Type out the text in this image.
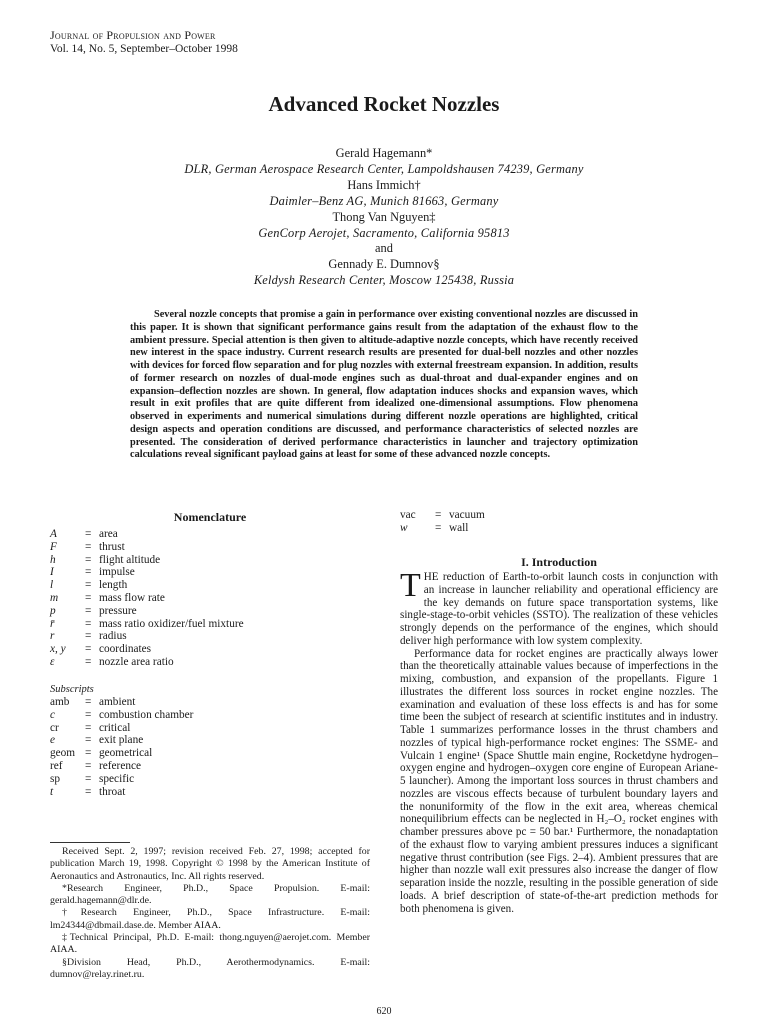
Journal of Propulsion and Power
Vol. 14, No. 5, September–October 1998
Advanced Rocket Nozzles
Gerald Hagemann*
DLR, German Aerospace Research Center, Lampoldshausen 74239, Germany
Hans Immich†
Daimler–Benz AG, Munich 81663, Germany
Thong Van Nguyen‡
GenCorp Aerojet, Sacramento, California 95813
and
Gennady E. Dumnov§
Keldysh Research Center, Moscow 125438, Russia
Several nozzle concepts that promise a gain in performance over existing conventional nozzles are discussed in this paper. It is shown that significant performance gains result from the adaptation of the exhaust flow to the ambient pressure. Special attention is then given to altitude-adaptive nozzle concepts, which have recently received new interest in the space industry. Current research results are presented for dual-bell nozzles and other nozzles with devices for forced flow separation and for plug nozzles with external freestream expansion. In addition, results of former research on nozzles of dual-mode engines such as dual-throat and dual-expander engines and on expansion–deflection nozzles are shown. In general, flow adaptation induces shocks and expansion waves, which result in exit profiles that are quite different from idealized one-dimensional assumptions. Flow phenomena observed in experiments and numerical simulations during different nozzle operations are highlighted, critical design aspects and operation conditions are discussed, and performance characteristics of selected nozzles are presented. The consideration of derived performance characteristics in launcher and trajectory optimization calculations reveal significant payload gains at least for some of these advanced nozzle concepts.
Nomenclature
A	= area
F	= thrust
h	= flight altitude
I	= impulse
l	= length
m	= mass flow rate
p	= pressure
r̄	= mass ratio oxidizer/fuel mixture
r	= radius
x, y	= coordinates
ε	= nozzle area ratio
Subscripts
amb	= ambient
c	= combustion chamber
cr	= critical
e	= exit plane
geom = geometrical
ref	= reference
sp	= specific
t	= throat
vac	= vacuum
w	= wall
I. Introduction

THE reduction of Earth-to-orbit launch costs in conjunction with an increase in launcher reliability and operational efficiency are the key demands on future space transportation systems, like single-stage-to-orbit vehicles (SSTO). The realization of these vehicles strongly depends on the performance of the engines, which should deliver high performance with low system complexity.

Performance data for rocket engines are practically always lower than the theoretically attainable values because of imperfections in the mixing, combustion, and expansion of the propellants. Figure 1 illustrates the different loss sources in rocket engine nozzles. The examination and evaluation of these loss effects is and has for some time been the subject of research at scientific institutes and in industry. Table 1 summarizes performance losses in the thrust chambers and nozzles of typical high-performance rocket engines: The SSME- and Vulcain 1 engine¹ (Space Shuttle main engine, Rocketdyne hydrogen–oxygen engine and hydrogen–oxygen core engine of European Ariane-5 launcher). Among the important loss sources in thrust chambers and nozzles are viscous effects because of turbulent boundary layers and the nonuniformity of the flow in the exit area, whereas chemical nonequilibrium effects can be neglected in H₂–O₂ rocket engines with chamber pressures above pc = 50 bar.¹ Furthermore, the nonadaptation of the exhaust flow to varying ambient pressures induces a significant negative thrust contribution (see Figs. 2–4). Ambient pressures that are higher than nozzle wall exit pressures also increase the danger of flow separation inside the nozzle, resulting in the possible generation of side loads. A brief description of state-of-the-art prediction methods for both phenomena is given.

Received Sept. 2, 1997; revision received Feb. 27, 1998; accepted for publication March 19, 1998. Copyright © 1998 by the American Institute of Aeronautics and Astronautics, Inc. All rights reserved.

*Research Engineer, Ph.D., Space Propulsion. E-mail: gerald.hagemann@dlr.de.

†Research Engineer, Ph.D., Space Infrastructure. E-mail: lm24344@dbmail.dase.de. Member AIAA.

‡Technical Principal, Ph.D. E-mail: thong.nguyen@aerojet.com. Member AIAA.

§Division Head, Ph.D., Aerothermodynamics. E-mail: dumnov@relay.rinet.ru.

620
